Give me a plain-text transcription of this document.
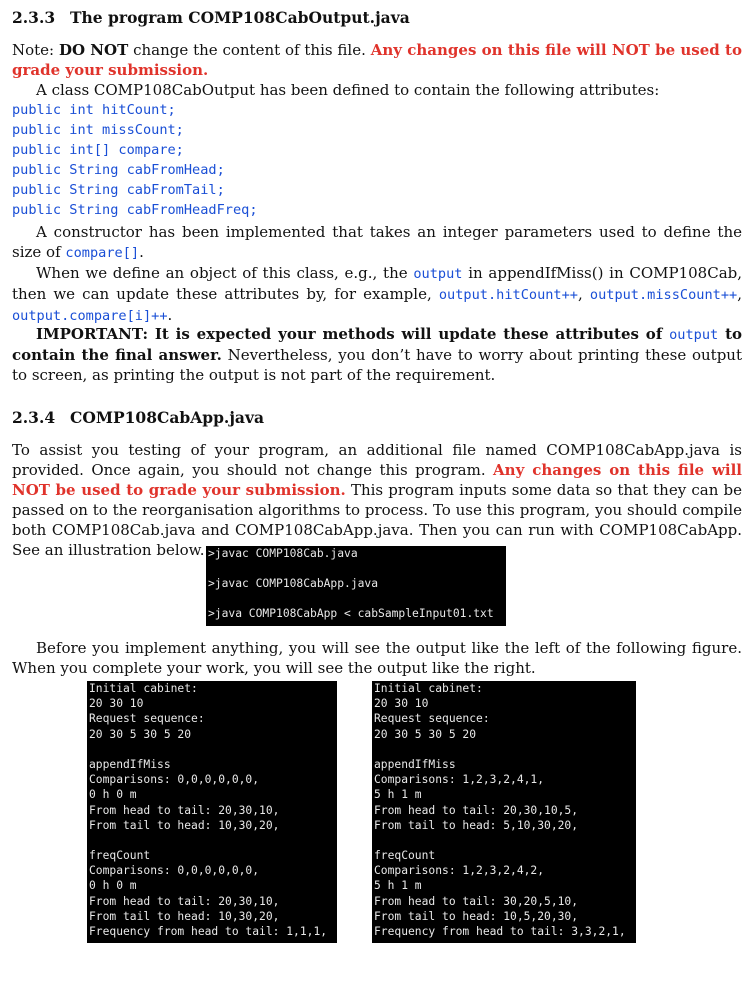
2.3.3 The program COMP108CabOutput.java

Note: DO NOT change the content of this file. Any changes on this file will NOT be used to grade your submission.

A class COMP108CabOutput has been defined to contain the following attributes:

public int hitCount;
public int missCount;
public int[] compare;
public String cabFromHead;
public String cabFromTail;
public String cabFromHeadFreq;

A constructor has been implemented that takes an integer parameters used to define the size of compare[].

When we define an object of this class, e.g., the output in appendIfMiss() in COMP108Cab, then we can update these attributes by, for example, output.hitCount++, output.missCount++, output.compare[i]++.

IMPORTANT: It is expected your methods will update these attributes of output to contain the final answer. Nevertheless, you don’t have to worry about printing these output to screen, as printing the output is not part of the requirement.

2.3.4 COMP108CabApp.java

To assist you testing of your program, an additional file named COMP108CabApp.java is provided. Once again, you should not change this program. Any changes on this file will NOT be used to grade your submission. This program inputs some data so that they can be passed on to the reorganisation algorithms to process. To use this program, you should compile both COMP108Cab.java and COMP108CabApp.java. Then you can run with COMP108CabApp. See an illustration below.

Before you implement anything, you will see the output like the left of the following figure. When you complete your work, you will see the output like the right.

>javac COMP108Cab.java
>javac COMP108CabApp.java
>java COMP108CabApp < cabSampleInput01.txt
Initial cabinet:
20 30 10
Request sequence:
20 30 5 30 5 20
appendIfMiss
Comparisons: 0,0,0,0,0,0,
0 h 0 m
From head to tail: 20,30,10,
From tail to head: 10,30,20,
freqCount
Comparisons: 0,0,0,0,0,0,
0 h 0 m
From head to tail: 20,30,10,
From tail to head: 10,30,20,
Frequency from head to tail: 1,1,1,
Initial cabinet:
20 30 10
Request sequence:
20 30 5 30 5 20
appendIfMiss
Comparisons: 1,2,3,2,4,1,
5 h 1 m
From head to tail: 20,30,10,5,
From tail to head: 5,10,30,20,
freqCount
Comparisons: 1,2,3,2,4,2,
5 h 1 m
From head to tail: 30,20,5,10,
From tail to head: 10,5,20,30,
Frequency from head to tail: 3,3,2,1,
